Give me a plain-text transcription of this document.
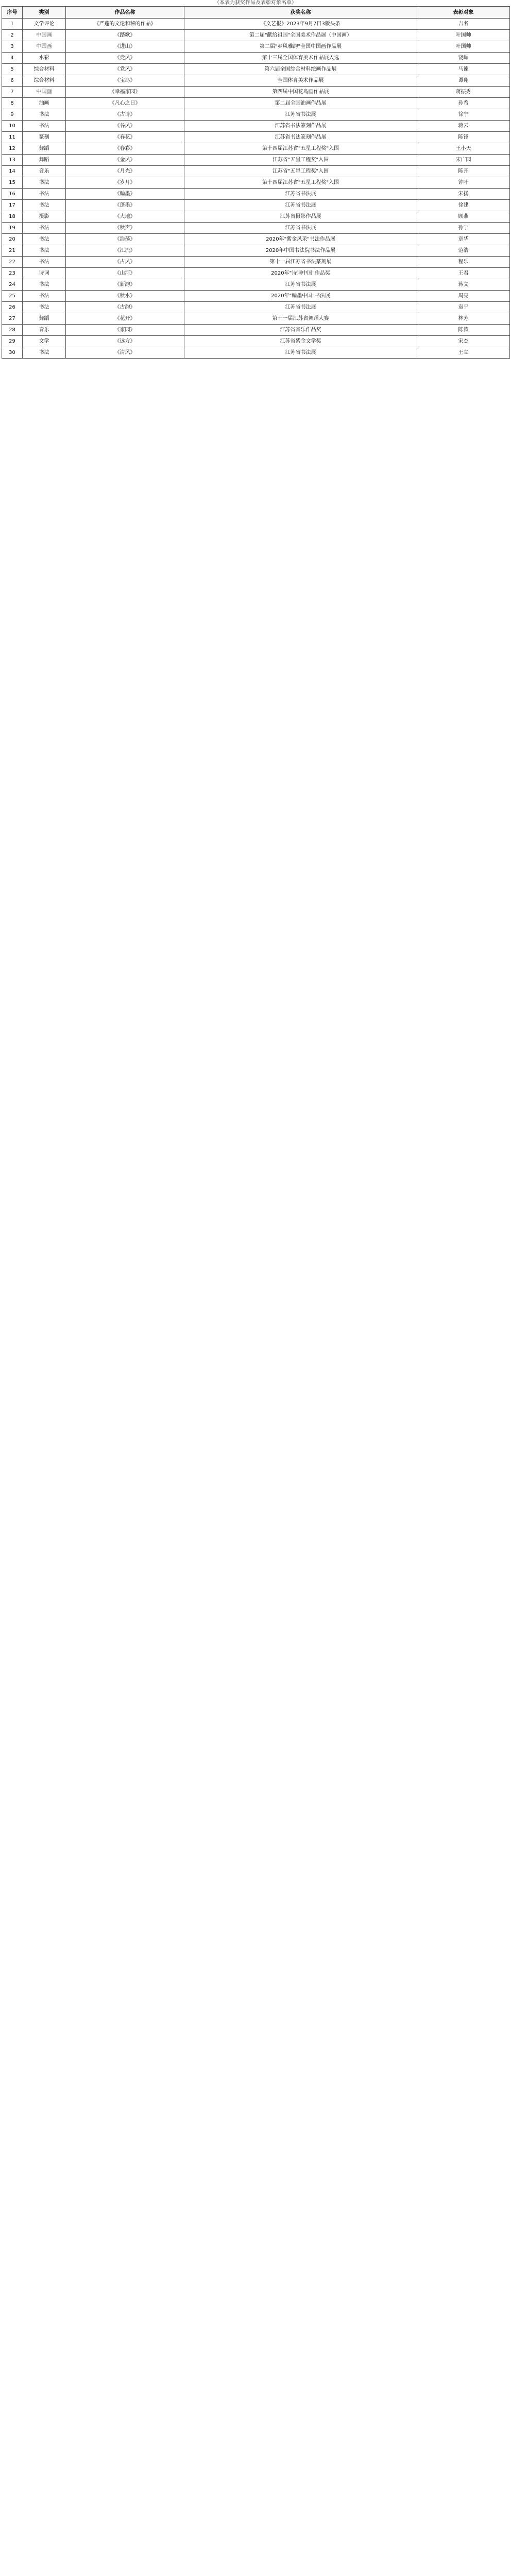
（本表为获奖作品及表彰对象名单）
序号	类别	作品名称	获奖名称	表彰对象
1	文学评论	《严蓬的文论和秘的作品》	《文艺报》2023年9月7日3版头条	吉名
2	中国画	《踏歌》	第二届"献给祖国"全国美术作品展（中国画）	叶国帅
3	中国画	《进山》	第二届"乡风雅韵"全国中国画作品展	叶国帅
4	水彩	《竞风》	第十三届全国体育美术作品展入选	饶嵋
5	综合材料	《党风》	第六届全国综合材料绘画作品展	马谏
6	综合材料	《宝岛》	全国体育美术作品展	谭翔
7	中国画	《幸福家园》	第四届中国花鸟画作品展	蒋振秀
8	油画	《凡心之日》	第二届全国油画作品展	孙希
9	书法	《古诗》	江苏省书法展	徐宁
10	书法	《谷风》	江苏省书法篆刻作品展	蒋云
11	篆刻	《春花》	江苏省书法篆刻作品展	陈锋
12	舞蹈	《春彩》	第十四届江苏省"五星工程奖"入围	王小天
13	舞蹈	《金风》	江苏省"五星工程奖"入围	宋广园
14	音乐	《月光》	江苏省"五星工程奖"入围	陈开
15	书法	《岁月》	第十四届江苏省"五星工程奖"入围	钟叶
16	书法	《翰墨》	江苏省书法展	宋扬
17	书法	《蓬墨》	江苏省书法展	徐建
18	摄影	《大地》	江苏省摄影作品展	顾燕
19	书法	《秋声》	江苏省书法展	孙宁
20	书法	《浩荡》	2020年"紫金风采"书法作品展	章华
21	书法	《江流》	2020年中国书法院书法作品展	范浩
22	书法	《古风》	第十一届江苏省书法篆刻展	程乐
23	诗词	《山河》	2020年"诗词中国"作品奖	王君
24	书法	《新韵》	江苏省书法展	蒋文
25	书法	《秋水》	2020年"翰墨中国"书法展	周亮
26	书法	《古韵》	江苏省书法展	袁平
27	舞蹈	《花开》	第十一届江苏省舞蹈大赛	林芳
28	音乐	《家园》	江苏省音乐作品奖	陈涛
29	文学	《远方》	江苏省紫金文学奖	宋杰
30	书法	《清风》	江苏省书法展	王立
